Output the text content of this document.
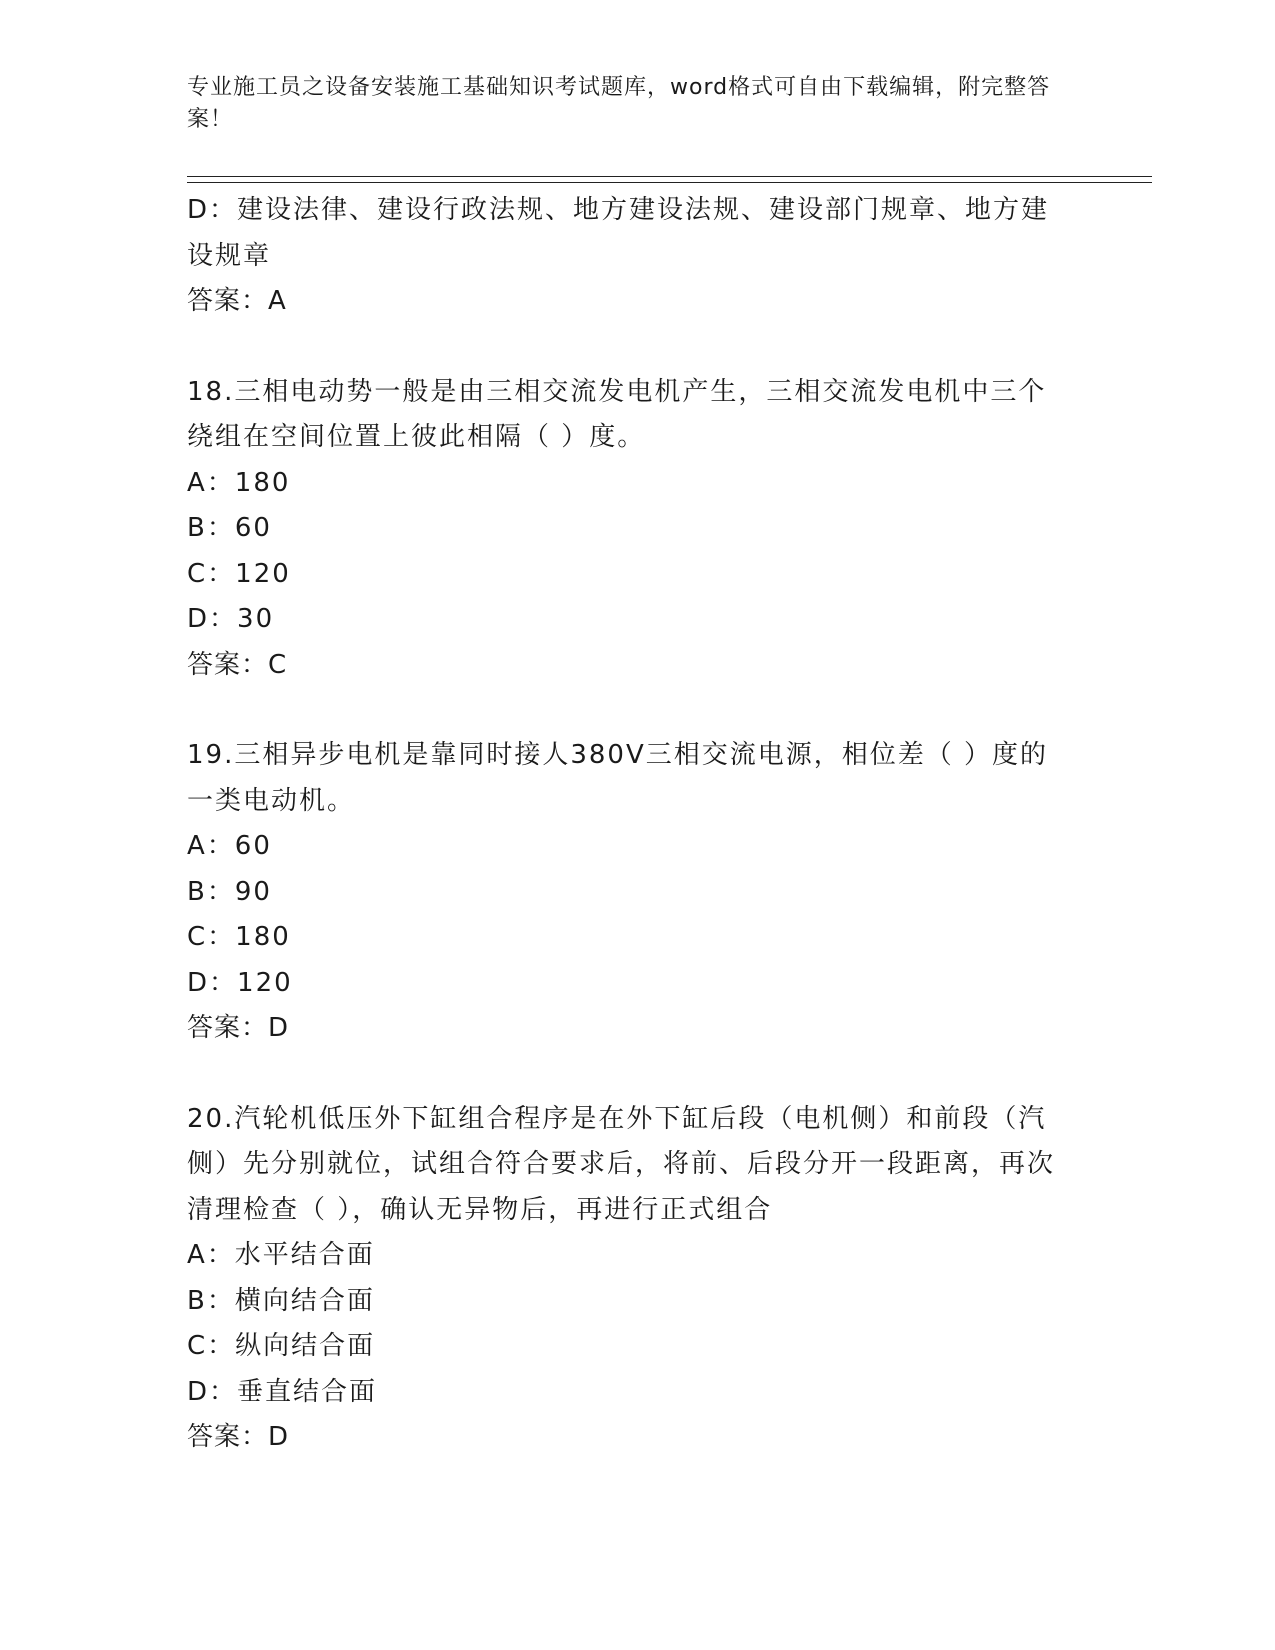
专业施工员之设备安装施工基础知识考试题库，word格式可自由下载编辑，附完整答案！
D：建设法律、建设行政法规、地方建设法规、建设部门规章、地方建设规章
答案：A
18.三相电动势一般是由三相交流发电机产生，三相交流发电机中三个绕组在空间位置上彼此相隔（ ）度。
A：180
B：60
C：120
D：30
答案：C
19.三相异步电机是靠同时接人380V三相交流电源，相位差（ ）度的一类电动机。
A：60
B：90
C：180
D：120
答案：D
20.汽轮机低压外下缸组合程序是在外下缸后段（电机侧）和前段（汽侧）先分别就位，试组合符合要求后，将前、后段分开一段距离，再次清理检查（ ），确认无异物后，再进行正式组合
A：水平结合面
B：横向结合面
C：纵向结合面
D：垂直结合面
答案：D
